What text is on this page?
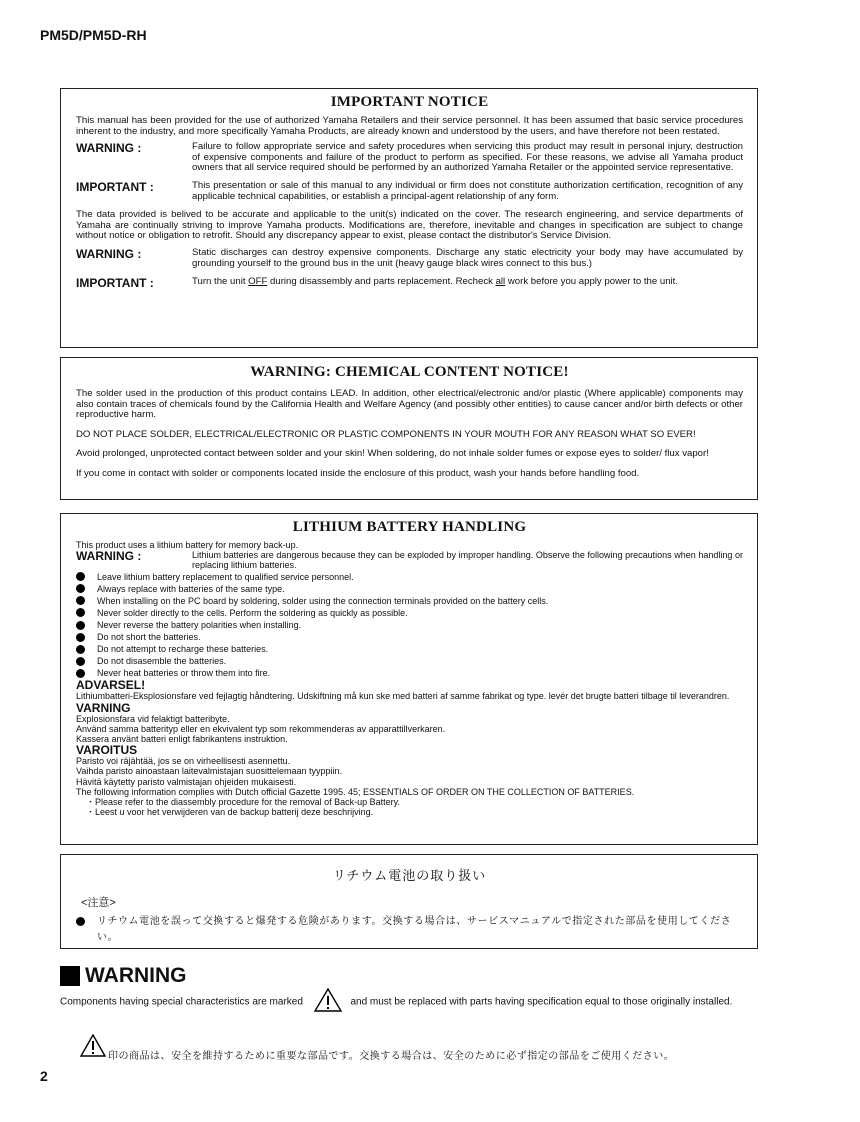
PM5D/PM5D-RH
IMPORTANT NOTICE

This manual has been provided for the use of authorized Yamaha Retailers and their service personnel. It has been assumed that basic service procedures inherent to the industry, and more specifically Yamaha Products, are already known and understood by the users, and have therefore not been restated.

WARNING :	Failure to follow appropriate service and safety procedures when servicing this product may result in personal injury, destruction of expensive components and failure of the product to perform as specified. For these reasons, we advise all Yamaha product owners that all service required should be performed by an authorized Yamaha Retailer or the appointed service representative.
IMPORTANT :	This presentation or sale of this manual to any individual or firm does not constitute authorization certification, recognition of any applicable technical capabilities, or establish a principal-agent relationship of any form.

The data provided is belived to be accurate and applicable to the unit(s) indicated on the cover. The research engineering, and service departments of Yamaha are continually striving to improve Yamaha products. Modifications are, therefore, inevitable and changes in specification are subject to change without notice or obligation to retrofit. Should any discrepancy appear to exist, please contact the distributor's Service Division.

WARNING :	Static discharges can destroy expensive components. Discharge any static electricity your body may have accumulated by grounding yourself to the ground bus in the unit (heavy gauge black wires connect to this bus.)
IMPORTANT :	Turn the unit OFF during disassembly and parts replacement. Recheck all work before you apply power to the unit.
WARNING: CHEMICAL CONTENT NOTICE!

The solder used in the production of this product contains LEAD. In addition, other electrical/electronic and/or plastic (Where applicable) components may also contain traces of chemicals found by the California Health and Welfare Agency (and possibly other entities) to cause cancer and/or birth defects or other reproductive harm.

DO NOT PLACE SOLDER, ELECTRICAL/ELECTRONIC OR PLASTIC COMPONENTS IN YOUR MOUTH FOR ANY REASON WHAT SO EVER!

Avoid prolonged, unprotected contact between solder and your skin! When soldering, do not inhale solder fumes or expose eyes to solder/ flux vapor!

If you come in contact with solder or components located inside the enclosure of this product, wash your hands before handling food.

LITHIUM BATTERY HANDLING
This product uses a lithium battery for memory back-up.
WARNING :	Lithium batteries are dangerous because they can be exploded by improper handling. Observe the following precautions when handling or replacing lithium batteries.
Leave lithium battery replacement to qualified service personnel.
Always replace with batteries of the same type.
When installing on the PC board by soldering, solder using the connection terminals provided on the battery cells.
Never solder directly to the cells. Perform the soldering as quickly as possible.
Never reverse the battery polarities when installing.
Do not short the batteries.
Do not attempt to recharge these batteries.
Do not disasemble the batteries.
Never heat batteries or throw them into fire.
ADVARSEL!
Lithiumbatteri-Eksplosionsfare ved fejlagtig håndtering. Udskiftning må kun ske med batteri af samme fabrikat og type. levér det brugte batteri tilbage til leverandren.
VARNING
Explosionsfara vid felaktigt batteribyte.
Använd samma batterityp eller en ekvivalent typ som rekommenderas av apparattillverkaren.
Kassera använt batteri enligt fabrikantens instruktion.
VAROITUS
Paristo voi räjähtää, jos se on virheellisesti asennettu.
Vaihda paristo ainoastaan laitevalmistajan suosittelemaan tyyppiin.
Hävitä käytetty paristo valmistajan ohjeiden mukaisesti.
The following information complies with Dutch official Gazette 1995. 45; ESSENTIALS OF ORDER ON THE COLLECTION OF BATTERIES.
・Please refer to the diassembly procedure for the removal of Back-up Battery.
・Leest u voor het verwijderen van de backup batterij deze beschrijving.
リチウム電池の取り扱い
<注意>
リチウム電池を誤って交換すると爆発する危険があります。交換する場合は、サービスマニュアルで指定された部品を使用してください。
WARNING
Components having special characteristics are marked	and must be replaced with parts having specification equal to those originally installed.
印の商品は、安全を維持するために重要な部品です。交換する場合は、安全のために必ず指定の部品をご使用ください。
2
